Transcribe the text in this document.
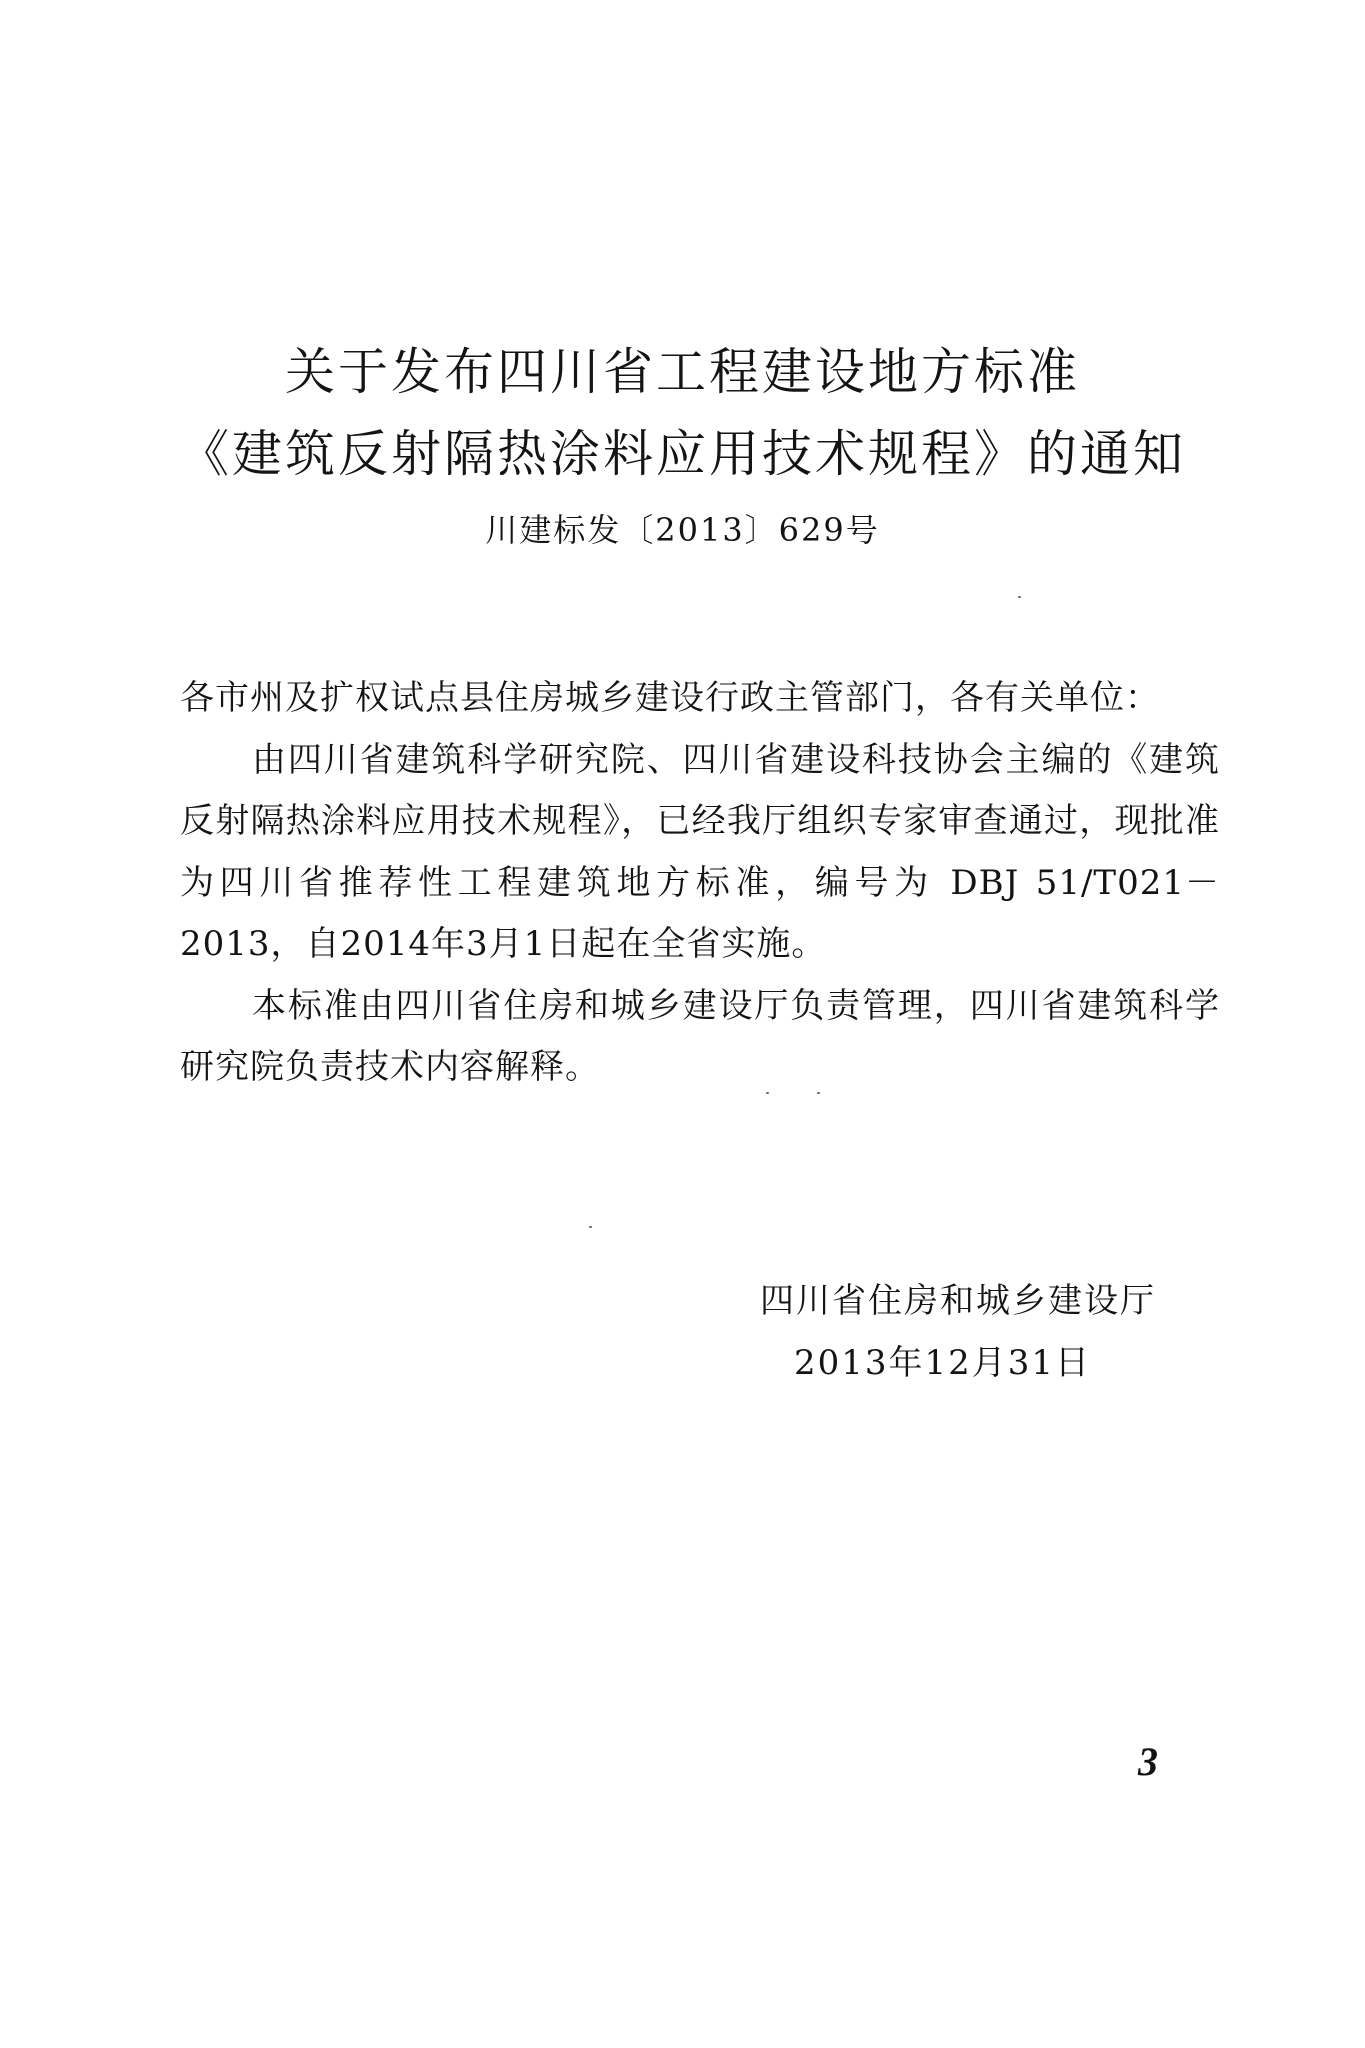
关于发布四川省工程建设地方标准
《建筑反射隔热涂料应用技术规程》的通知
川建标发〔2013〕629号

各市州及扩权试点县住房城乡建设行政主管部门，各有关单位：

由四川省建筑科学研究院、四川省建设科技协会主编的《建筑反射隔热涂料应用技术规程》，已经我厅组织专家审查通过，现批准为四川省推荐性工程建筑地方标准，编号为 DBJ 51/T021－2013，自2014年3月1日起在全省实施。

本标准由四川省住房和城乡建设厅负责管理，四川省建筑科学研究院负责技术内容解释。

四川省住房和城乡建设厅
2013年12月31日
3
